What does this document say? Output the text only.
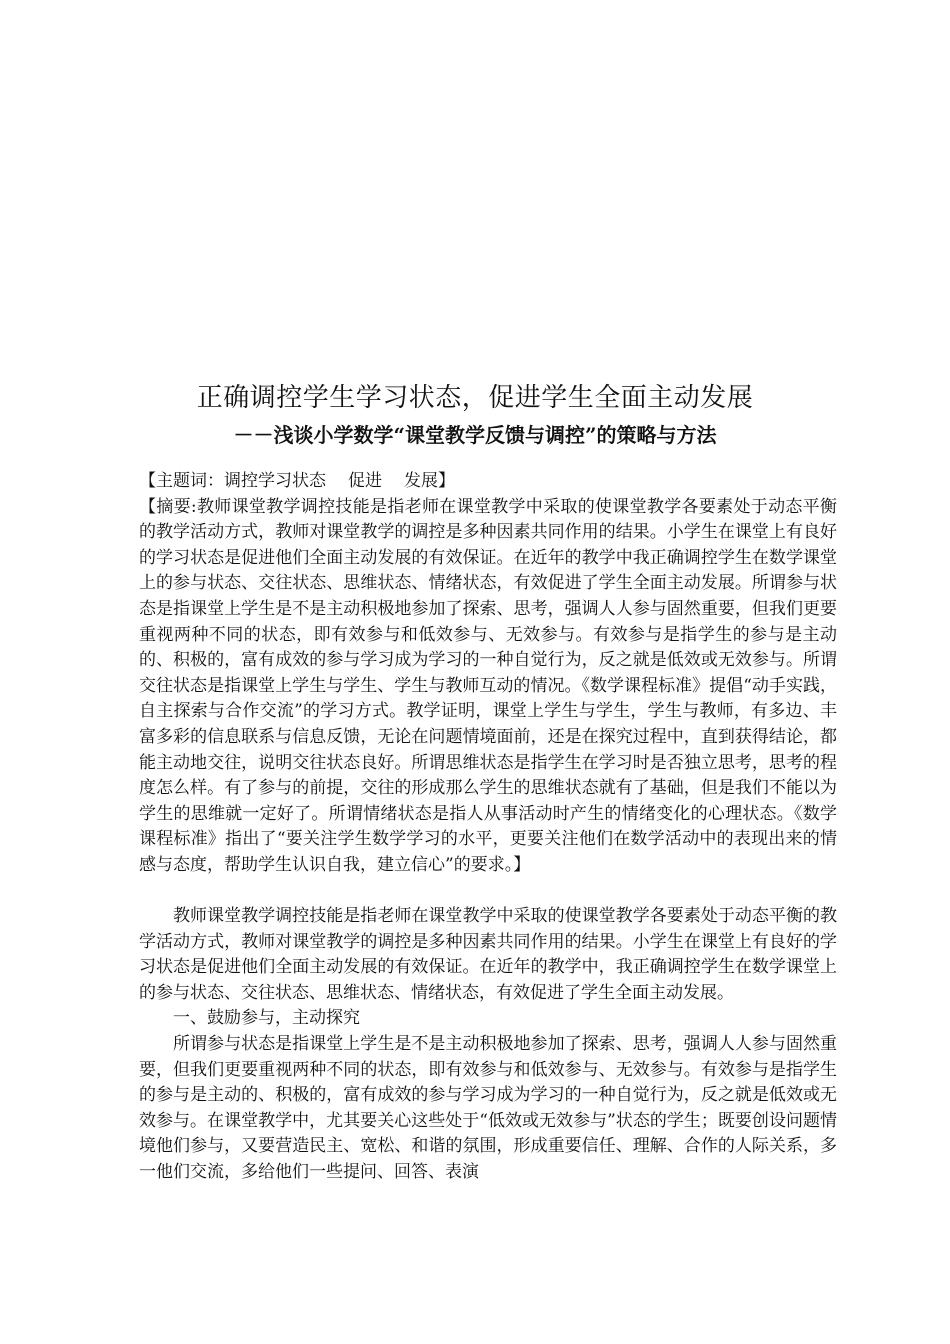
正确调控学生学习状态，促进学生全面主动发展
－－浅谈小学数学“课堂教学反馈与调控”的策略与方法

【主题词：调控学习状态 促进 发展】

【摘要:教师课堂教学调控技能是指老师在课堂教学中采取的使课堂教学各要素处于动态平衡的教学活动方式，教师对课堂教学的调控是多种因素共同作用的结果。小学生在课堂上有良好的学习状态是促进他们全面主动发展的有效保证。在近年的教学中我正确调控学生在数学课堂上的参与状态、交往状态、思维状态、情绪状态，有效促进了学生全面主动发展。所谓参与状态是指课堂上学生是不是主动积极地参加了探索、思考，强调人人参与固然重要，但我们更要重视两种不同的状态，即有效参与和低效参与、无效参与。有效参与是指学生的参与是主动的、积极的，富有成效的参与学习成为学习的一种自觉行为，反之就是低效或无效参与。所谓交往状态是指课堂上学生与学生、学生与教师互动的情况。《数学课程标准》提倡“动手实践，自主探索与合作交流”的学习方式。教学证明，课堂上学生与学生，学生与教师，有多边、丰富多彩的信息联系与信息反馈，无论在问题情境面前，还是在探究过程中，直到获得结论，都能主动地交往，说明交往状态良好。所谓思维状态是指学生在学习时是否独立思考，思考的程度怎么样。有了参与的前提，交往的形成那么学生的思维状态就有了基础，但是我们不能以为学生的思维就一定好了。所谓情绪状态是指人从事活动时产生的情绪变化的心理状态。《数学课程标准》指出了“要关注学生数学学习的水平，更要关注他们在数学活动中的表现出来的情感与态度，帮助学生认识自我，建立信心”的要求。】

教师课堂教学调控技能是指老师在课堂教学中采取的使课堂教学各要素处于动态平衡的教学活动方式，教师对课堂教学的调控是多种因素共同作用的结果。小学生在课堂上有良好的学习状态是促进他们全面主动发展的有效保证。在近年的教学中，我正确调控学生在数学课堂上的参与状态、交往状态、思维状态、情绪状态，有效促进了学生全面主动发展。

一、鼓励参与，主动探究

所谓参与状态是指课堂上学生是不是主动积极地参加了探索、思考，强调人人参与固然重要，但我们更要重视两种不同的状态，即有效参与和低效参与、无效参与。有效参与是指学生的参与是主动的、积极的，富有成效的参与学习成为学习的一种自觉行为，反之就是低效或无效参与。在课堂教学中，尤其要关心这些处于“低效或无效参与”状态的学生；既要创设问题情境他们参与，又要营造民主、宽松、和谐的氛围，形成重要信任、理解、合作的人际关系，多一他们交流，多给他们一些提问、回答、表演
